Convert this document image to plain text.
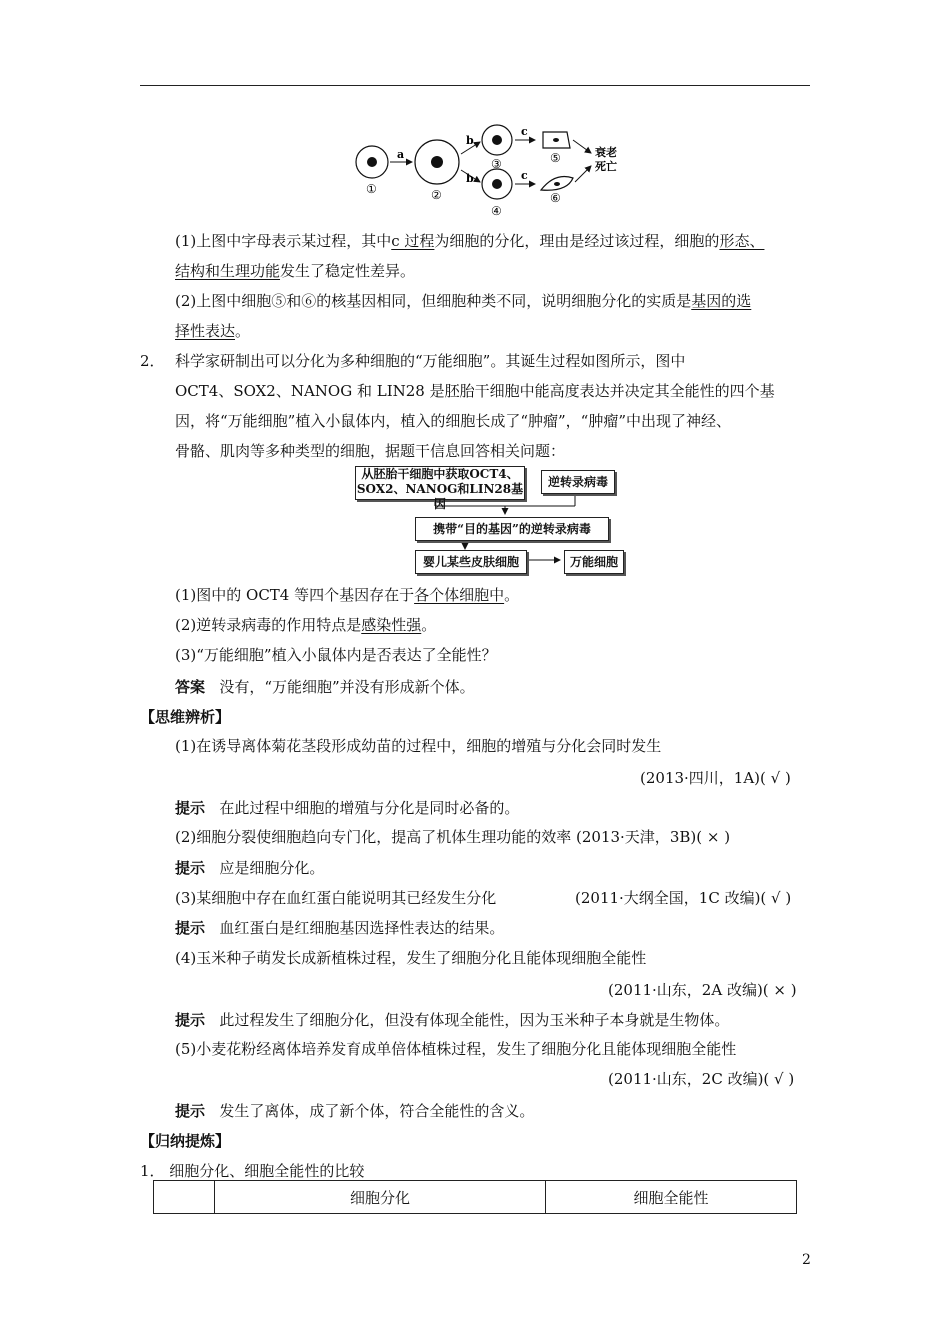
a
b
b
c
c
衰老
死亡
①	②
③
④
⑤
⑥
(1)上图中字母表示某过程，其中c 过程为细胞的分化，理由是经过该过程，细胞的形态、
结构和生理功能发生了稳定性差异。
(2)上图中细胞⑤和⑥的核基因相同，但细胞种类不同，说明细胞分化的实质是基因的选
择性表达。
2． 科学家研制出可以分化为多种细胞的“万能细胞”。其诞生过程如图所示，图中
OCT4、SOX2、NANOG 和 LIN28 是胚胎干细胞中能高度表达并决定其全能性的四个基
因，将“万能细胞”植入小鼠体内，植入的细胞长成了“肿瘤”，“肿瘤”中出现了神经、
骨骼、肌肉等多种类型的细胞，据题干信息回答相关问题：
从胚胎干细胞中获取OCT4、
SOX2、NANOG和LIN28基因
逆转录病毒
携带“目的基因”的逆转录病毒
婴儿某些皮肤细胞	万能细胞
(1)图中的 OCT4 等四个基因存在于各个体细胞中。
(2)逆转录病毒的作用特点是感染性强。
(3)“万能细胞”植入小鼠体内是否表达了全能性？
答案 没有，“万能细胞”并没有形成新个体。
【思维辨析】
(1)在诱导离体菊花茎段形成幼苗的过程中，细胞的增殖与分化会同时发生
(2013·四川，1A)( √ )
提示 在此过程中细胞的增殖与分化是同时必备的。
(2)细胞分裂使细胞趋向专门化，提高了机体生理功能的效率 (2013·天津，3B)( × )
提示 应是细胞分化。
(3)某细胞中存在血红蛋白能说明其已经发生分化	(2011·大纲全国，1C 改编)( √ )
提示 血红蛋白是红细胞基因选择性表达的结果。
(4)玉米种子萌发长成新植株过程，发生了细胞分化且能体现细胞全能性
(2011·山东，2A 改编)( × )
提示 此过程发生了细胞分化，但没有体现全能性，因为玉米种子本身就是生物体。
(5)小麦花粉经离体培养发育成单倍体植株过程，发生了细胞分化且能体现细胞全能性
(2011·山东，2C 改编)( √ )
提示 发生了离体，成了新个体，符合全能性的含义。
【归纳提炼】
1． 细胞分化、细胞全能性的比较
	细胞分化	细胞全能性
2
